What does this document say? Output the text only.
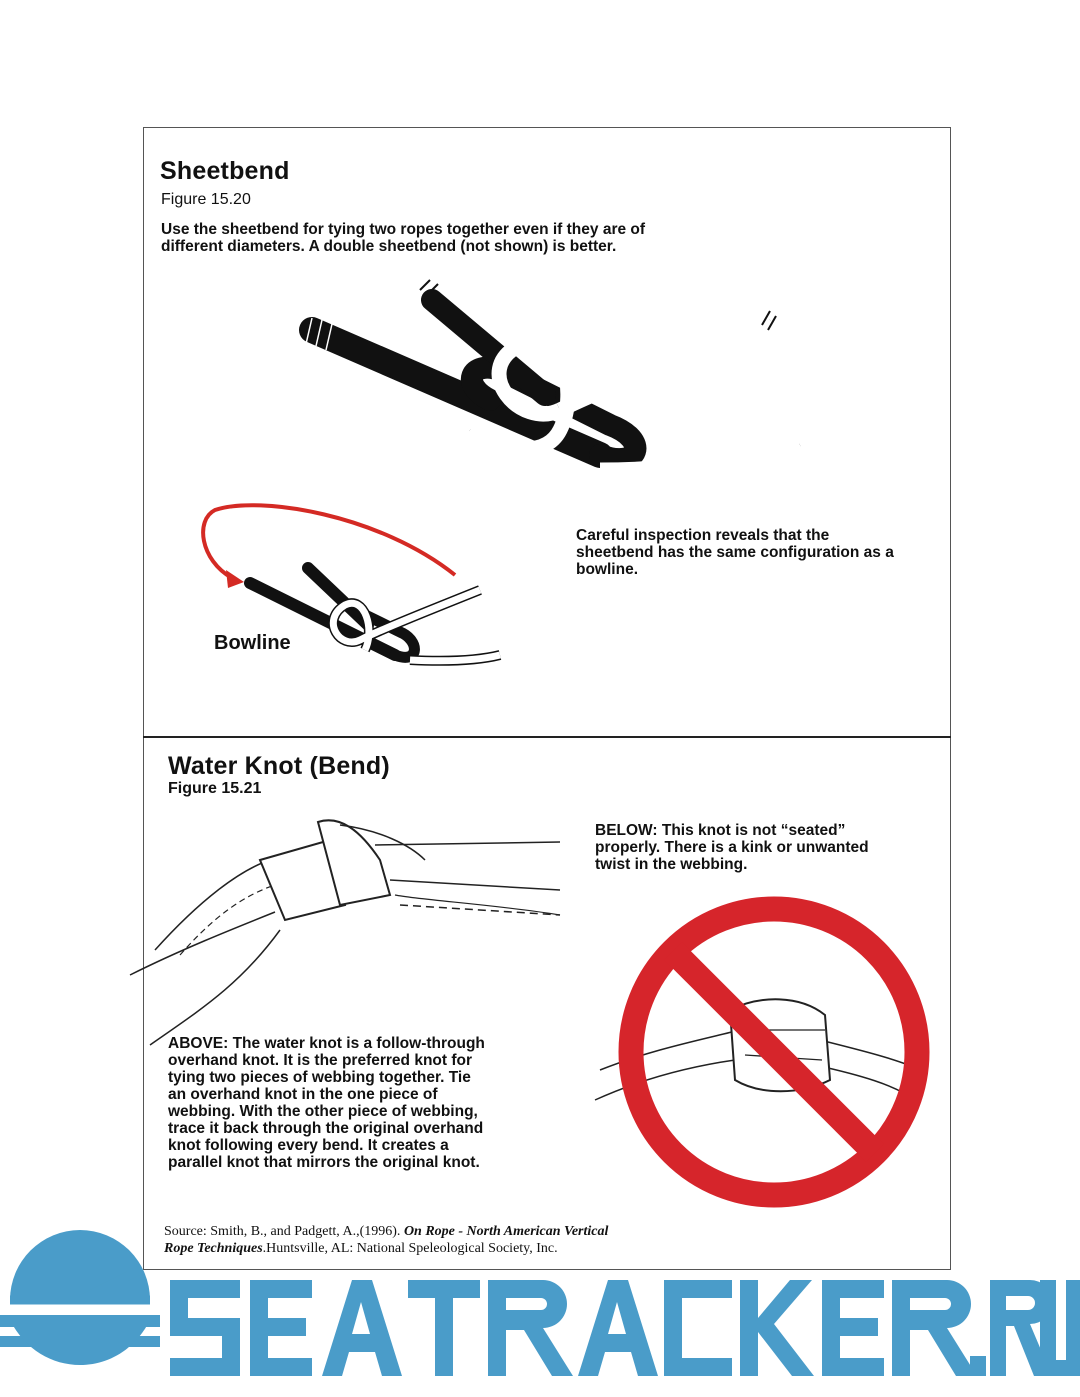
Sheetbend
Figure 15.20
Use the sheetbend for tying two ropes together even if they are of
different diameters. A double sheetbend (not shown) is better.
Careful inspection reveals that the
sheetbend has the same configuration as a
bowline.
Bowline
Water Knot (Bend)
Figure 15.21
BELOW: This knot is not “seated”
properly. There is a kink or unwanted
twist in the webbing.
ABOVE: The water knot is a follow-through
overhand knot. It is the preferred knot for
tying two pieces of webbing together. Tie
an overhand knot in the one piece of
webbing. With the other piece of webbing,
trace it back through the original overhand
knot following every bend. It creates a
parallel knot that mirrors the original knot.
Source: Smith, B., and Padgett, A.,(1996). On Rope - North American Vertical
Rope Techniques.Huntsville, AL: National Speleological Society, Inc.
